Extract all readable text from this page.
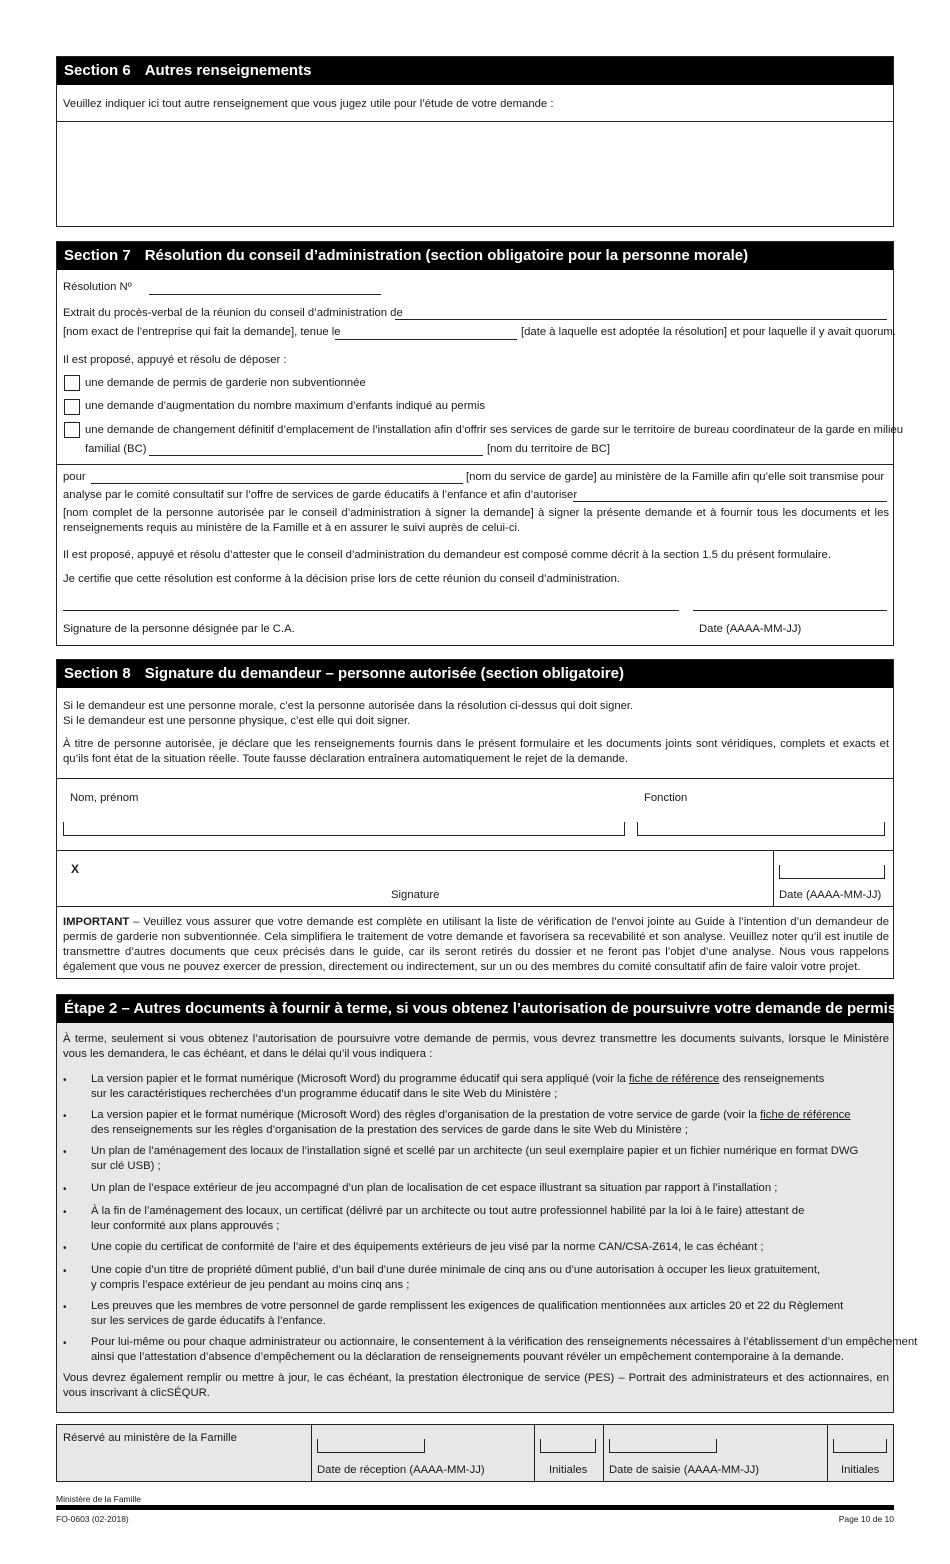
Section 6 Autres renseignements
Veuillez indiquer ici tout autre renseignement que vous jugez utile pour l’étude de votre demande :
Section 7 Résolution du conseil d’administration (section obligatoire pour la personne morale)
Résolution Nº
Extrait du procès-verbal de la réunion du conseil d’administration de
[nom exact de l’entreprise qui fait la demande], tenue le	[date à laquelle est adoptée la résolution] et pour laquelle il y avait quorum.
Il est proposé, appuyé et résolu de déposer :
une demande de permis de garderie non subventionnée
une demande d’augmentation du nombre maximum d’enfants indiqué au permis
une demande de changement définitif d’emplacement de l’installation afin d’offrir ses services de garde sur le territoire de bureau coordinateur de la garde en milieu
familial (BC)	[nom du territoire de BC]
pour	[nom du service de garde] au ministère de la Famille afin qu’elle soit transmise pour
analyse par le comité consultatif sur l’offre de services de garde éducatifs à l’enfance et afin d’autoriser
[nom complet de la personne autorisée par le conseil d’administration à signer la demande] à signer la présente demande et à fournir tous les documents et les renseignements requis au ministère de la Famille et à en assurer le suivi auprès de celui-ci.
Il est proposé, appuyé et résolu d’attester que le conseil d’administration du demandeur est composé comme décrit à la section 1.5 du présent formulaire.
Je certifie que cette résolution est conforme à la décision prise lors de cette réunion du conseil d’administration.
Signature de la personne désignée par le C.A.	Date (AAAA-MM-JJ)
Section 8 Signature du demandeur – personne autorisée (section obligatoire)
Si le demandeur est une personne morale, c’est la personne autorisée dans la résolution ci-dessus qui doit signer.
Si le demandeur est une personne physique, c’est elle qui doit signer.
À titre de personne autorisée, je déclare que les renseignements fournis dans le présent formulaire et les documents joints sont véridiques, complets et exacts et qu’ils font état de la situation réelle. Toute fausse déclaration entraînera automatiquement le rejet de la demande.
Nom, prénom	Fonction
X
Signature	Date (AAAA-MM-JJ)
IMPORTANT – Veuillez vous assurer que votre demande est complète en utilisant la liste de vérification de l’envoi jointe au Guide à l’intention d’un demandeur de permis de garderie non subventionnée. Cela simplifiera le traitement de votre demande et favorisera sa recevabilité et son analyse. Veuillez noter qu’il est inutile de transmettre d’autres documents que ceux précisés dans le guide, car ils seront retirés du dossier et ne feront pas l’objet d’une analyse. Nous vous rappelons également que vous ne pouvez exercer de pression, directement ou indirectement, sur un ou des membres du comité consultatif afin de faire valoir votre projet.
Étape 2 – Autres documents à fournir à terme, si vous obtenez l’autorisation de poursuivre votre demande de permis
À terme, seulement si vous obtenez l’autorisation de poursuivre votre demande de permis, vous devrez transmettre les documents suivants, lorsque le Ministère vous les demandera, le cas échéant, et dans le délai qu’il vous indiquera :
• La version papier et le format numérique (Microsoft Word) du programme éducatif qui sera appliqué (voir la fiche de référence des renseignements
sur les caractéristiques recherchées d’un programme éducatif dans le site Web du Ministère ;
• La version papier et le format numérique (Microsoft Word) des règles d’organisation de la prestation de votre service de garde (voir la fiche de référence
des renseignements sur les règles d’organisation de la prestation des services de garde dans le site Web du Ministère ;
• Un plan de l’aménagement des locaux de l’installation signé et scellé par un architecte (un seul exemplaire papier et un fichier numérique en format DWG
sur clé USB) ;
• Un plan de l’espace extérieur de jeu accompagné d’un plan de localisation de cet espace illustrant sa situation par rapport à l’installation ;
• À la fin de l’aménagement des locaux, un certificat (délivré par un architecte ou tout autre professionnel habilité par la loi à le faire) attestant de
leur conformité aux plans approuvés ;
• Une copie du certificat de conformité de l’aire et des équipements extérieurs de jeu visé par la norme CAN/CSA-Z614, le cas échéant ;
• Une copie d’un titre de propriété dûment publié, d’un bail d’une durée minimale de cinq ans ou d’une autorisation à occuper les lieux gratuitement,
y compris l’espace extérieur de jeu pendant au moins cinq ans ;
• Les preuves que les membres de votre personnel de garde remplissent les exigences de qualification mentionnées aux articles 20 et 22 du Règlement
sur les services de garde éducatifs à l’enfance.
• Pour lui-même ou pour chaque administrateur ou actionnaire, le consentement à la vérification des renseignements nécessaires à l’établissement d’un empêchement
ainsi que l’attestation d’absence d’empêchement ou la déclaration de renseignements pouvant révéler un empêchement contemporaine à la demande.
Vous devrez également remplir ou mettre à jour, le cas échéant, la prestation électronique de service (PES) – Portrait des administrateurs et des actionnaires, en vous inscrivant à clicSÉQUR.
Réservé au ministère de la Famille
Date de réception (AAAA-MM-JJ)	Initiales Date de saisie (AAAA-MM-JJ)	Initiales
Ministère de la Famille
FO-0603 (02-2018)	Page 10 de 10
